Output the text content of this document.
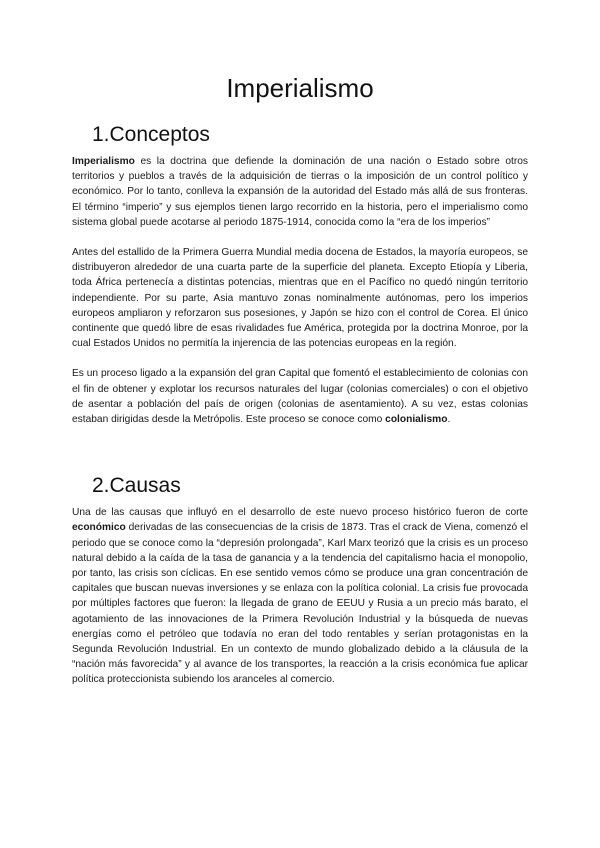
Imperialismo
1.Conceptos

Imperialismo es la doctrina que defiende la dominación de una nación o Estado sobre otros territorios y pueblos a través de la adquisición de tierras o la imposición de un control político y económico. Por lo tanto, conlleva la expansión de la autoridad del Estado más allá de sus fronteras. El término “imperio” y sus ejemplos tienen largo recorrido en la historia, pero el imperialismo como sistema global puede acotarse al periodo 1875-1914, conocida como la “era de los imperios”

Antes del estallido de la Primera Guerra Mundial media docena de Estados, la mayoría europeos, se distribuyeron alrededor de una cuarta parte de la superficie del planeta. Excepto Etiopía y Liberia, toda África pertenecía a distintas potencias, mientras que en el Pacífico no quedó ningún territorio independiente. Por su parte, Asia mantuvo zonas nominalmente autónomas, pero los imperios europeos ampliaron y reforzaron sus posesiones, y Japón se hizo con el control de Corea. El único continente que quedó libre de esas rivalidades fue América, protegida por la doctrina Monroe, por la cual Estados Unidos no permitía la injerencia de las potencias europeas en la región.

Es un proceso ligado a la expansión del gran Capital que fomentó el establecimiento de colonias con el fin de obtener y explotar los recursos naturales del lugar (colonias comerciales) o con el objetivo de asentar a población del país de origen (colonias de asentamiento). A su vez, estas colonias estaban dirigidas desde la Metrópolis. Este proceso se conoce como colonialismo.

2.Causas

Una de las causas que influyó en el desarrollo de este nuevo proceso histórico fueron de corte económico derivadas de las consecuencias de la crisis de 1873. Tras el crack de Viena, comenzó el periodo que se conoce como la “depresión prolongada”, Karl Marx teorizó que la crisis es un proceso natural debido a la caída de la tasa de ganancia y a la tendencia del capitalismo hacia el monopolio, por tanto, las crisis son cíclicas. En ese sentido vemos cómo se produce una gran concentración de capitales que buscan nuevas inversiones y se enlaza con la política colonial. La crisis fue provocada por múltiples factores que fueron: la llegada de grano de EEUU y Rusia a un precio más barato, el agotamiento de las innovaciones de la Primera Revolución Industrial y la búsqueda de nuevas energías como el petróleo que todavía no eran del todo rentables y serían protagonistas en la Segunda Revolución Industrial. En un contexto de mundo globalizado debido a la cláusula de la “nación más favorecida” y al avance de los transportes, la reacción a la crisis económica fue aplicar política proteccionista subiendo los aranceles al comercio.
